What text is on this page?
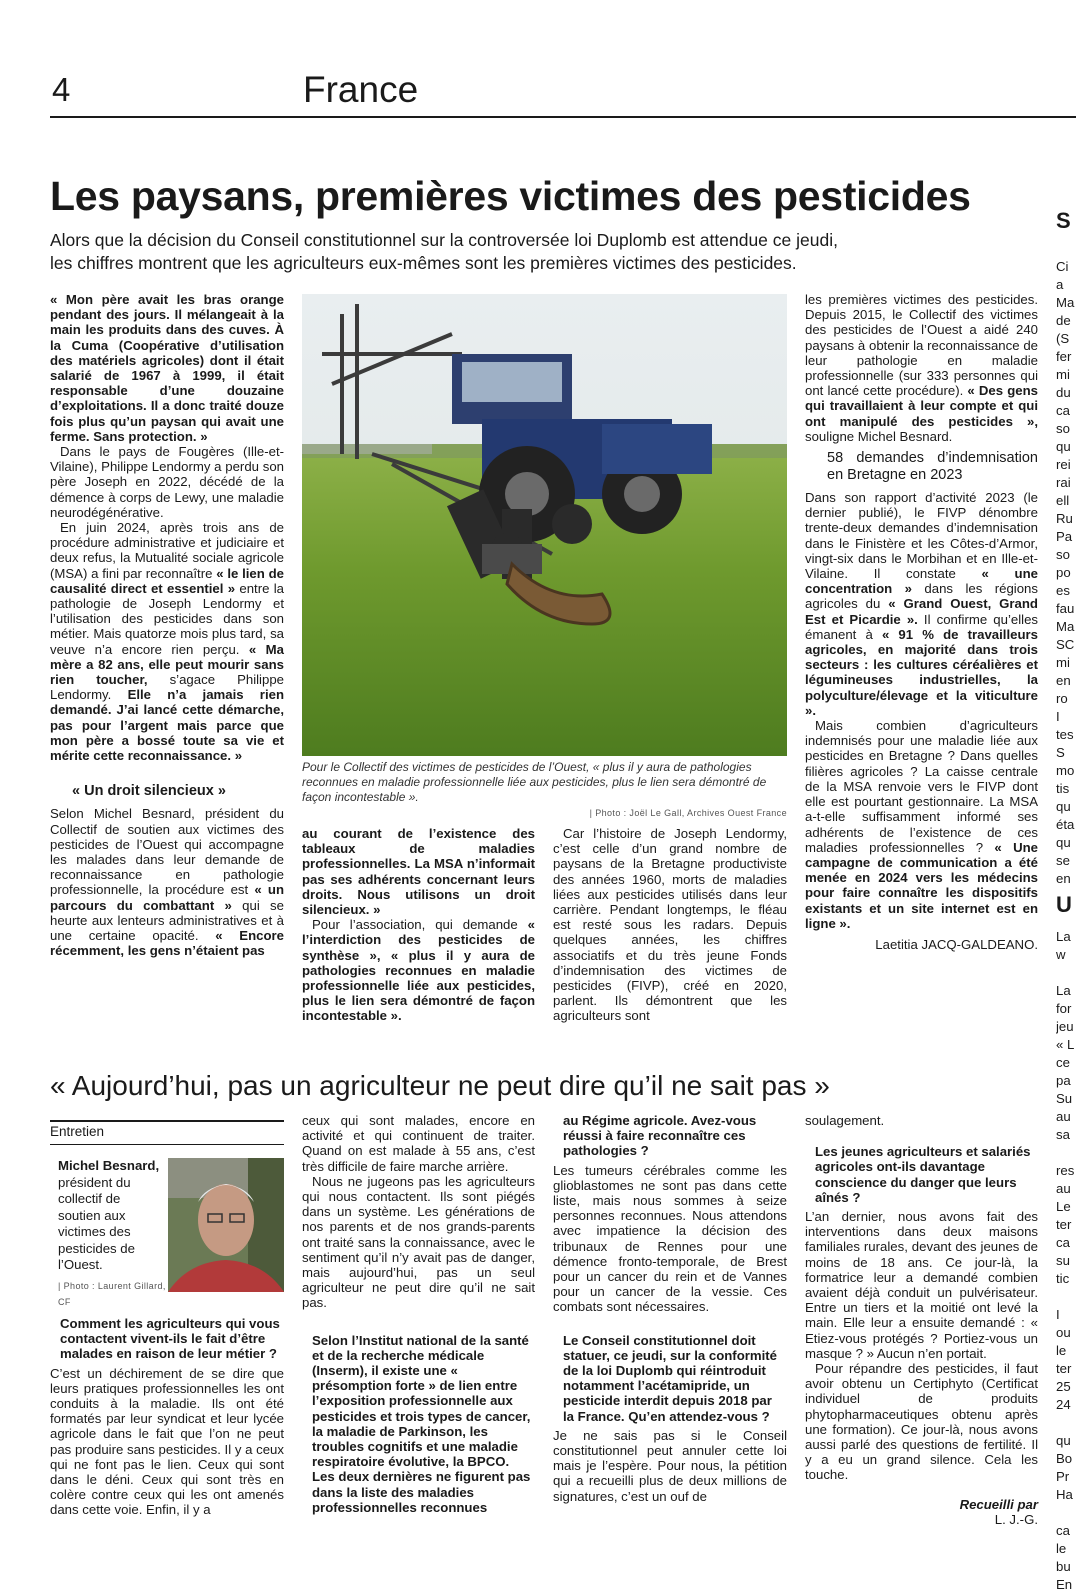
4	France
Les paysans, premières victimes des pesticides
Alors que la décision du Conseil constitutionnel sur la controversée loi Duplomb est attendue ce jeudi,
les chiffres montrent que les agriculteurs eux-mêmes sont les premières victimes des pesticides.

« Mon père avait les bras orange pendant des jours. Il mélangeait à la main les produits dans des cuves. À la Cuma (Coopérative d’utilisation des matériels agricoles) dont il était salarié de 1967 à 1999, il était responsable d’une douzaine d’exploitations. Il a donc traité douze fois plus qu’un paysan qui avait une ferme. Sans protection. »

Dans le pays de Fougères (Ille-et-Vilaine), Philippe Lendormy a perdu son père Joseph en 2022, décédé de la démence à corps de Lewy, une maladie neurodégénérative.

En juin 2024, après trois ans de procédure administrative et judiciaire et deux refus, la Mutualité sociale agricole (MSA) a fini par reconnaître « le lien de causalité direct et essentiel » entre la pathologie de Joseph Lendormy et l’utilisation des pesticides dans son métier. Mais quatorze mois plus tard, sa veuve n’a encore rien perçu. « Ma mère a 82 ans, elle peut mourir sans rien toucher, s’agace Philippe Lendormy. Elle n’a jamais rien demandé. J’ai lancé cette démarche, pas pour l’argent mais parce que mon père a bossé toute sa vie et mérite cette reconnaissance. »

« Un droit silencieux »

Selon Michel Besnard, président du Collectif de soutien aux victimes des pesticides de l’Ouest qui accompagne les malades dans leur demande de reconnaissance en pathologie professionnelle, la procédure est « un parcours du combattant » qui se heurte aux lenteurs administratives et à une certaine opacité. « Encore récemment, les gens n’étaient pas

Pour le Collectif des victimes de pesticides de l’Ouest, « plus il y aura de pathologies reconnues en maladie professionnelle liée aux pesticides, plus le lien sera démontré de façon incontestable ».
| Photo : Joël Le Gall, Archives Ouest France

au courant de l’existence des tableaux de maladies professionnelles. La MSA n’informait pas ses adhérents concernant leurs droits. Nous utilisons un droit silencieux. »

Pour l’association, qui demande « l’interdiction des pesticides de synthèse », « plus il y aura de pathologies reconnues en maladie professionnelle liée aux pesticides, plus le lien sera démontré de façon incontestable ».

Car l’histoire de Joseph Lendormy, c’est celle d’un grand nombre de paysans de la Bretagne productiviste des années 1960, morts de maladies liées aux pesticides utilisés dans leur carrière. Pendant longtemps, le fléau est resté sous les radars. Depuis quelques années, les chiffres associatifs et du très jeune Fonds d’indemnisation des victimes de pesticides (FIVP), créé en 2020, parlent. Ils démontrent que les agriculteurs sont

les premières victimes des pesticides. Depuis 2015, le Collectif des victimes des pesticides de l’Ouest a aidé 240 paysans à obtenir la reconnaissance de leur pathologie en maladie professionnelle (sur 333 personnes qui ont lancé cette procédure). « Des gens qui travaillaient à leur compte et qui ont manipulé des pesticides », souligne Michel Besnard.

58 demandes d’indemnisation en Bretagne en 2023

Dans son rapport d’activité 2023 (le dernier publié), le FIVP dénombre trente-deux demandes d’indemnisation dans le Finistère et les Côtes-d’Armor, vingt-six dans le Morbihan et en Ille-et-Vilaine. Il constate « une concentration » dans les régions agricoles du « Grand Ouest, Grand Est et Picardie ». Il confirme qu’elles émanent à « 91 % de travailleurs agricoles, en majorité dans trois secteurs : les cultures céréalières et légumineuses industrielles, la polyculture/élevage et la viticulture ».

Mais combien d’agriculteurs indemnisés pour une maladie liée aux pesticides en Bretagne ? Dans quelles filières agricoles ? La caisse centrale de la MSA renvoie vers le FIVP dont elle est pourtant gestionnaire. La MSA a-t-elle suffisamment informé ses adhérents de l’existence de ces maladies professionnelles ? « Une campagne de communication a été menée en 2024 vers les médecins pour faire connaître les dispositifs existants et un site internet est en ligne ».

Laetitia JACQ-GALDEANO.

« Aujourd’hui, pas un agriculteur ne peut dire qu’il ne sait pas »
Entretien
Michel Besnard,
président du collectif de soutien aux victimes des pesticides de l’Ouest.
| Photo : Laurent Gillard, CF

Comment les agriculteurs qui vous contactent vivent-ils le fait d’être malades en raison de leur métier ?

C’est un déchirement de se dire que leurs pratiques professionnelles les ont conduits à la maladie. Ils ont été formatés par leur syndicat et leur lycée agricole dans le fait que l’on ne peut pas produire sans pesticides. Il y a ceux qui ne font pas le lien. Ceux qui sont dans le déni. Ceux qui sont très en colère contre ceux qui les ont amenés dans cette voie. Enfin, il y a

ceux qui sont malades, encore en activité et qui continuent de traiter. Quand on est malade à 55 ans, c’est très difficile de faire marche arrière.

Nous ne jugeons pas les agriculteurs qui nous contactent. Ils sont piégés dans un système. Les générations de nos parents et de nos grands-parents ont traité sans la connaissance, avec le sentiment qu’il n’y avait pas de danger, mais aujourd’hui, pas un seul agriculteur ne peut dire qu’il ne sait pas.

Selon l’Institut national de la santé et de la recherche médicale (Inserm), il existe une « présomption forte » de lien entre l’exposition professionnelle aux pesticides et trois types de cancer, la maladie de Parkinson, les troubles cognitifs et une maladie respiratoire évolutive, la BPCO. Les deux dernières ne figurent pas dans la liste des maladies professionnelles reconnues

au Régime agricole. Avez-vous réussi à faire reconnaître ces pathologies ?

Les tumeurs cérébrales comme les glioblastomes ne sont pas dans cette liste, mais nous sommes à seize personnes reconnues. Nous attendons avec impatience la décision des tribunaux de Rennes pour une démence fronto-temporale, de Brest pour un cancer du rein et de Vannes pour un cancer de la vessie. Ces combats sont nécessaires.

Le Conseil constitutionnel doit statuer, ce jeudi, sur la conformité de la loi Duplomb qui réintroduit notamment l’acétamipride, un pesticide interdit depuis 2018 par la France. Qu’en attendez-vous ?

Je ne sais pas si le Conseil constitutionnel peut annuler cette loi mais je l’espère. Pour nous, la pétition qui a recueilli plus de deux millions de signatures, c’est un ouf de

soulagement.

Les jeunes agriculteurs et salariés agricoles ont-ils davantage conscience du danger que leurs aînés ?

L’an dernier, nous avons fait des interventions dans deux maisons familiales rurales, devant des jeunes de moins de 18 ans. Ce jour-là, la formatrice leur a demandé combien avaient déjà conduit un pulvérisateur. Entre un tiers et la moitié ont levé la main. Elle leur a ensuite demandé : « Etiez-vous protégés ? Portiez-vous un masque ? » Aucun n’en portait.

Pour répandre des pesticides, il faut avoir obtenu un Certiphyto (Certificat individuel de produits phytopharmaceutiques obtenu après une formation). Ce jour-là, nous avons aussi parlé des questions de fertilité. Il y a eu un grand silence. Cela les touche.

Recueilli par

L. J.-G.

S

Ci
a
Ma
de
(S
fer
mi
du
ca
so
qu
rei
rai
ell
Ru
Pa
so
po
es
fau
Ma
SC
mi
en
ro
I
tes
S
mo
tis
qu
éta
qu
se
en
U
La
w

La
for
jeu
« L
ce
pa
Su
au
sa

res
au
Le
ter
ca
su
tic

I
ou
le
ter
25
24

qu
Bo
Pr
Ha

ca
le
bu
En
